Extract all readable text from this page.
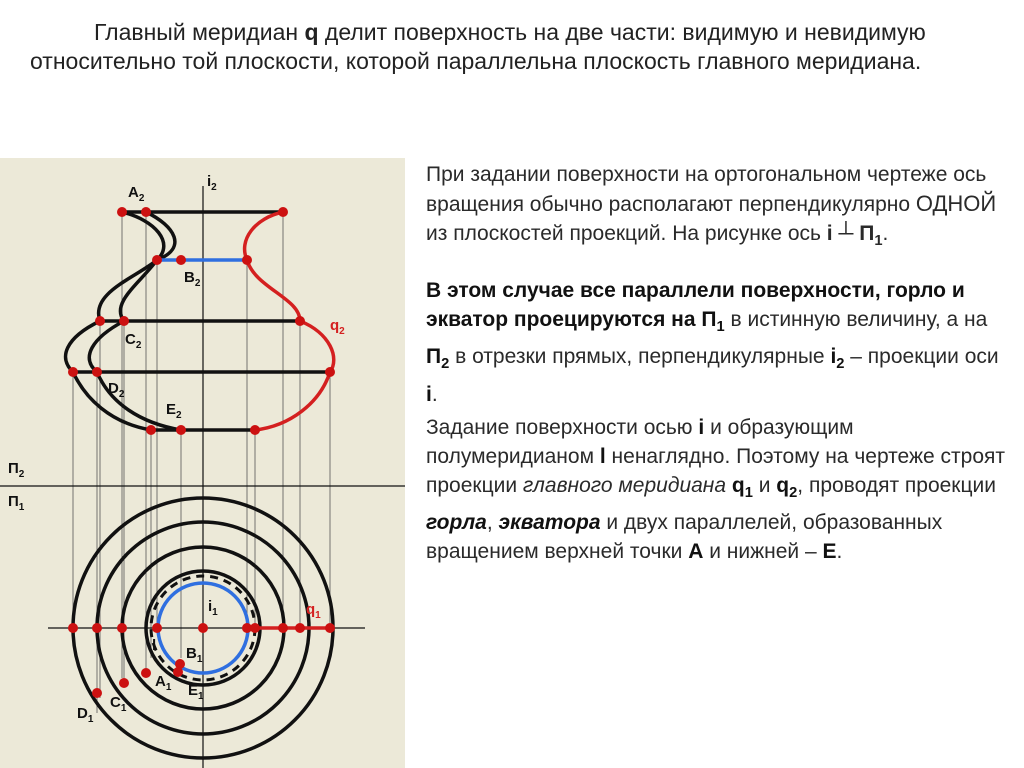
Главный меридиан q делит поверхность на две части: видимую и невидимую относительно той плоскости, которой параллельна плоскость главного меридиана.
$i_2$
$A_2$
$B_2$
$C_2$
$D_2$
$E_2$
$q_2$
$П_2$
$П_1$
$i_1$	$q_1$
$B_1$
$A_1$ $E_1$
$C_1$
$D_1$
l

При задании поверхности на ортогональном чертеже ось вращения обычно располагают перпендикулярно ОДНОЙ из плоскостей проекций. На рисунке ось i ┴ $П_1$.

В этом случае все параллели поверхности, горло и экватор проецируются на $П_1$ в истинную величину, а на $П_2$ в отрезки прямых, перпендикулярные $i_2$ – проекции оси i.

Задание поверхности осью i и образующим полумеридианом l ненаглядно. Поэтому на чертеже строят проекции главного меридиана $q_1$ и $q_2$, проводят проекции горла, экватора и двух параллелей, образованных вращением верхней точки А и нижней – Е.
